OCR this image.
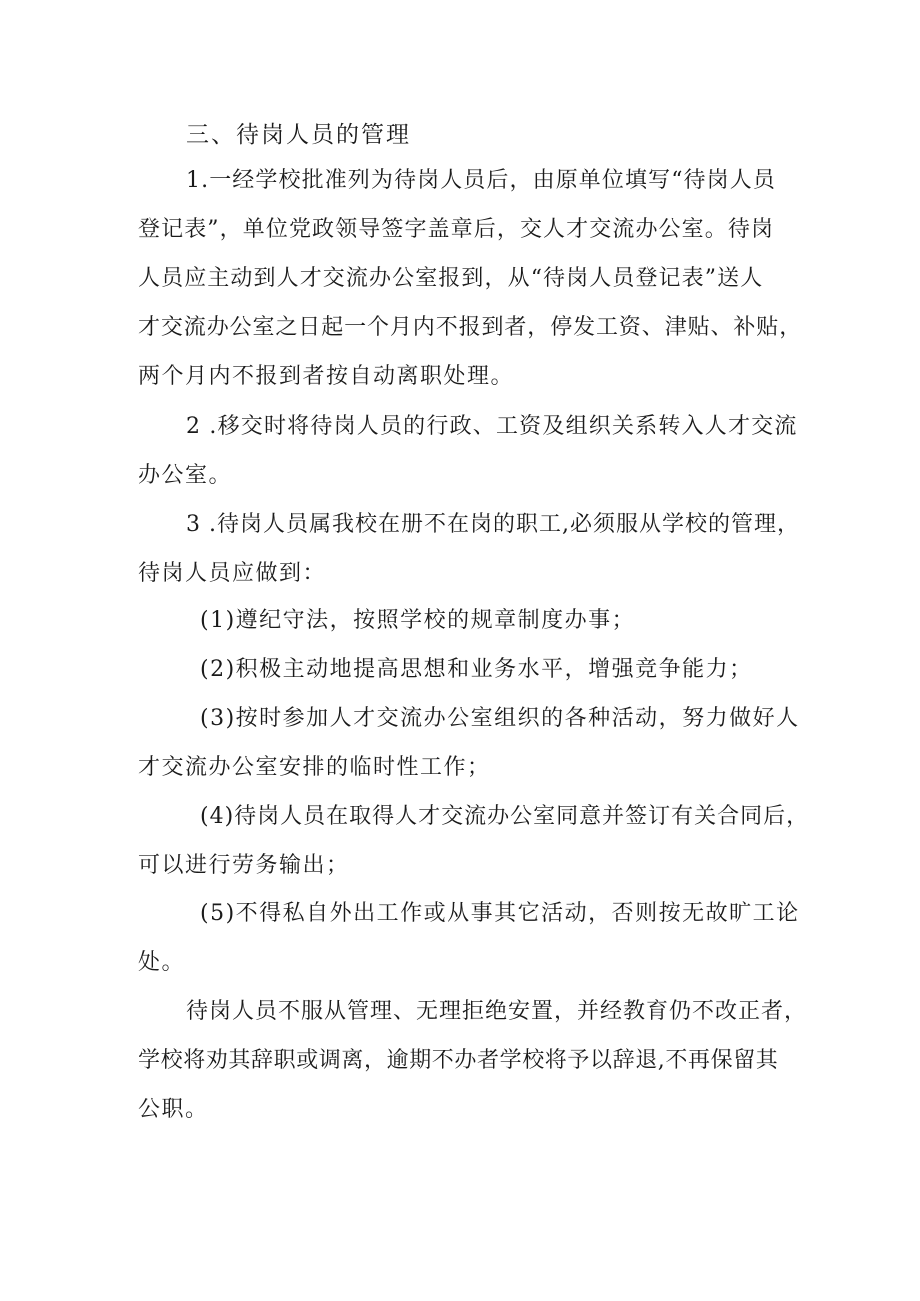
三、待岗人员的管理
1.一经学校批准列为待岗人员后，由原单位填写“待岗人员
登记表”，单位党政领导签字盖章后，交人才交流办公室。待岗
人员应主动到人才交流办公室报到，从“待岗人员登记表”送人
才交流办公室之日起一个月内不报到者，停发工资、津贴、补贴，
两个月内不报到者按自动离职处理。
2 .移交时将待岗人员的行政、工资及组织关系转入人才交流
办公室。
3 .待岗人员属我校在册不在岗的职工,必须服从学校的管理，
待岗人员应做到：
(1)遵纪守法，按照学校的规章制度办事；
(2)积极主动地提高思想和业务水平，增强竞争能力；
(3)按时参加人才交流办公室组织的各种活动，努力做好人
才交流办公室安排的临时性工作；
(4)待岗人员在取得人才交流办公室同意并签订有关合同后，
可以进行劳务输出；
(5)不得私自外出工作或从事其它活动，否则按无故旷工论
处。
待岗人员不服从管理、无理拒绝安置，并经教育仍不改正者，
学校将劝其辞职或调离，逾期不办者学校将予以辞退,不再保留其
公职。
